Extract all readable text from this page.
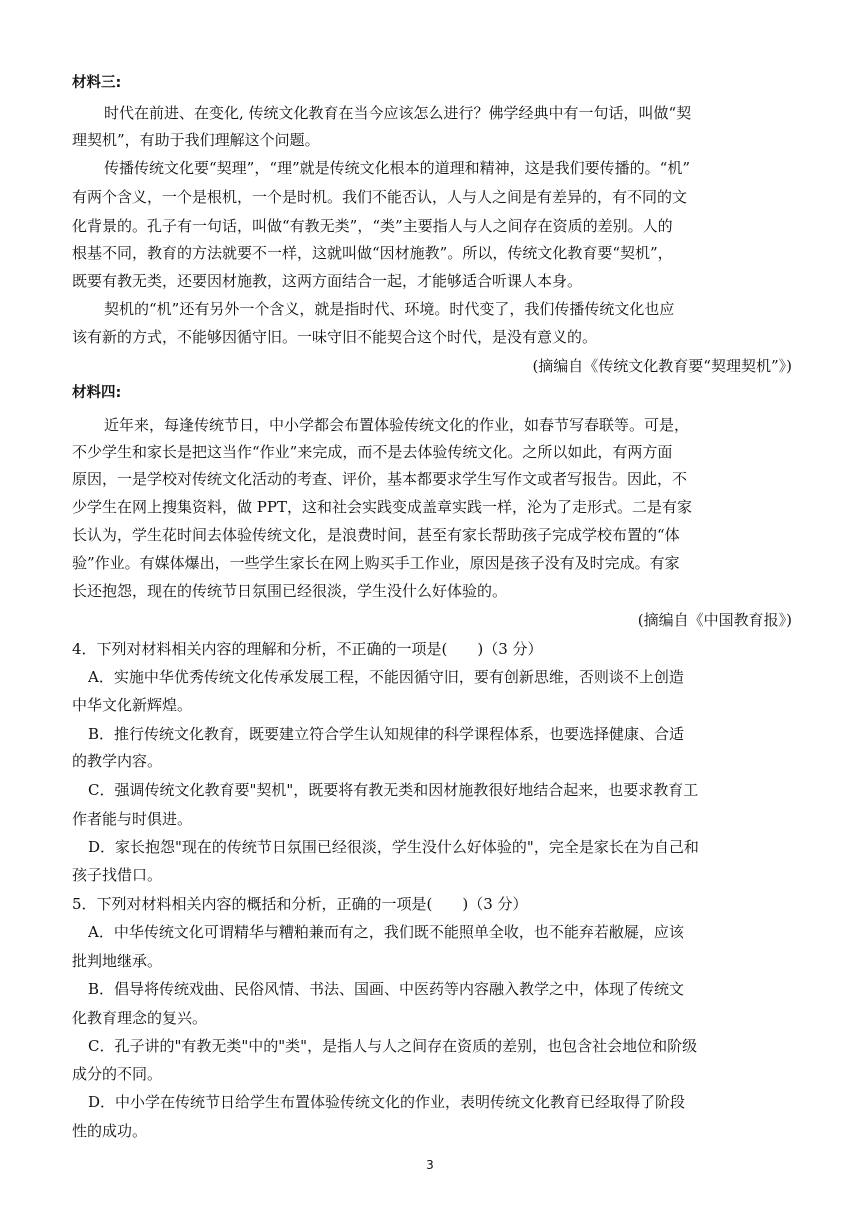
材料三:
时代在前进、在变化, 传统文化教育在当今应该怎么进行？佛学经典中有一句话，叫做“契
理契机”，有助于我们理解这个问题。
传播传统文化要“契理”，“理”就是传统文化根本的道理和精神，这是我们要传播的。“机”
有两个含义，一个是根机，一个是时机。我们不能否认，人与人之间是有差异的，有不同的文
化背景的。孔子有一句话，叫做“有教无类”，“类”主要指人与人之间存在资质的差别。人的
根基不同，教育的方法就要不一样，这就叫做“因材施教”。所以，传统文化教育要“契机”，
既要有教无类，还要因材施教，这两方面结合一起，才能够适合听课人本身。
契机的“机”还有另外一个含义，就是指时代、环境。时代变了，我们传播传统文化也应
该有新的方式，不能够因循守旧。一味守旧不能契合这个时代，是没有意义的。
(摘编自《传统文化教育要“契理契机”》)
材料四:
近年来，每逢传统节日，中小学都会布置体验传统文化的作业，如春节写春联等。可是，
不少学生和家长是把这当作“作业”来完成，而不是去体验传统文化。之所以如此，有两方面
原因，一是学校对传统文化活动的考查、评价，基本都要求学生写作文或者写报告。因此，不
少学生在网上搜集资料，做 PPT，这和社会实践变成盖章实践一样，沦为了走形式。二是有家
长认为，学生花时间去体验传统文化，是浪费时间，甚至有家长帮助孩子完成学校布置的“体
验”作业。有媒体爆出，一些学生家长在网上购买手工作业，原因是孩子没有及时完成。有家
长还抱怨，现在的传统节日氛围已经很淡，学生没什么好体验的。
(摘编自《中国教育报》)
4．下列对材料相关内容的理解和分析，不正确的一项是(　　)（3 分）
A．实施中华优秀传统文化传承发展工程，不能因循守旧，要有创新思维，否则谈不上创造
中华文化新辉煌。
B．推行传统文化教育，既要建立符合学生认知规律的科学课程体系，也要选择健康、合适
的教学内容。
C．强调传统文化教育要"契机"，既要将有教无类和因材施教很好地结合起来，也要求教育工
作者能与时俱进。
D．家长抱怨"现在的传统节日氛围已经很淡，学生没什么好体验的"，完全是家长在为自己和
孩子找借口。
5．下列对材料相关内容的概括和分析，正确的一项是(　　)（3 分）
A．中华传统文化可谓精华与糟粕兼而有之，我们既不能照单全收，也不能弃若敝屣，应该
批判地继承。
B．倡导将传统戏曲、民俗风情、书法、国画、中医药等内容融入教学之中，体现了传统文
化教育理念的复兴。
C．孔子讲的"有教无类"中的"类"，是指人与人之间存在资质的差别，也包含社会地位和阶级
成分的不同。
D．中小学在传统节日给学生布置体验传统文化的作业，表明传统文化教育已经取得了阶段
性的成功。
3
